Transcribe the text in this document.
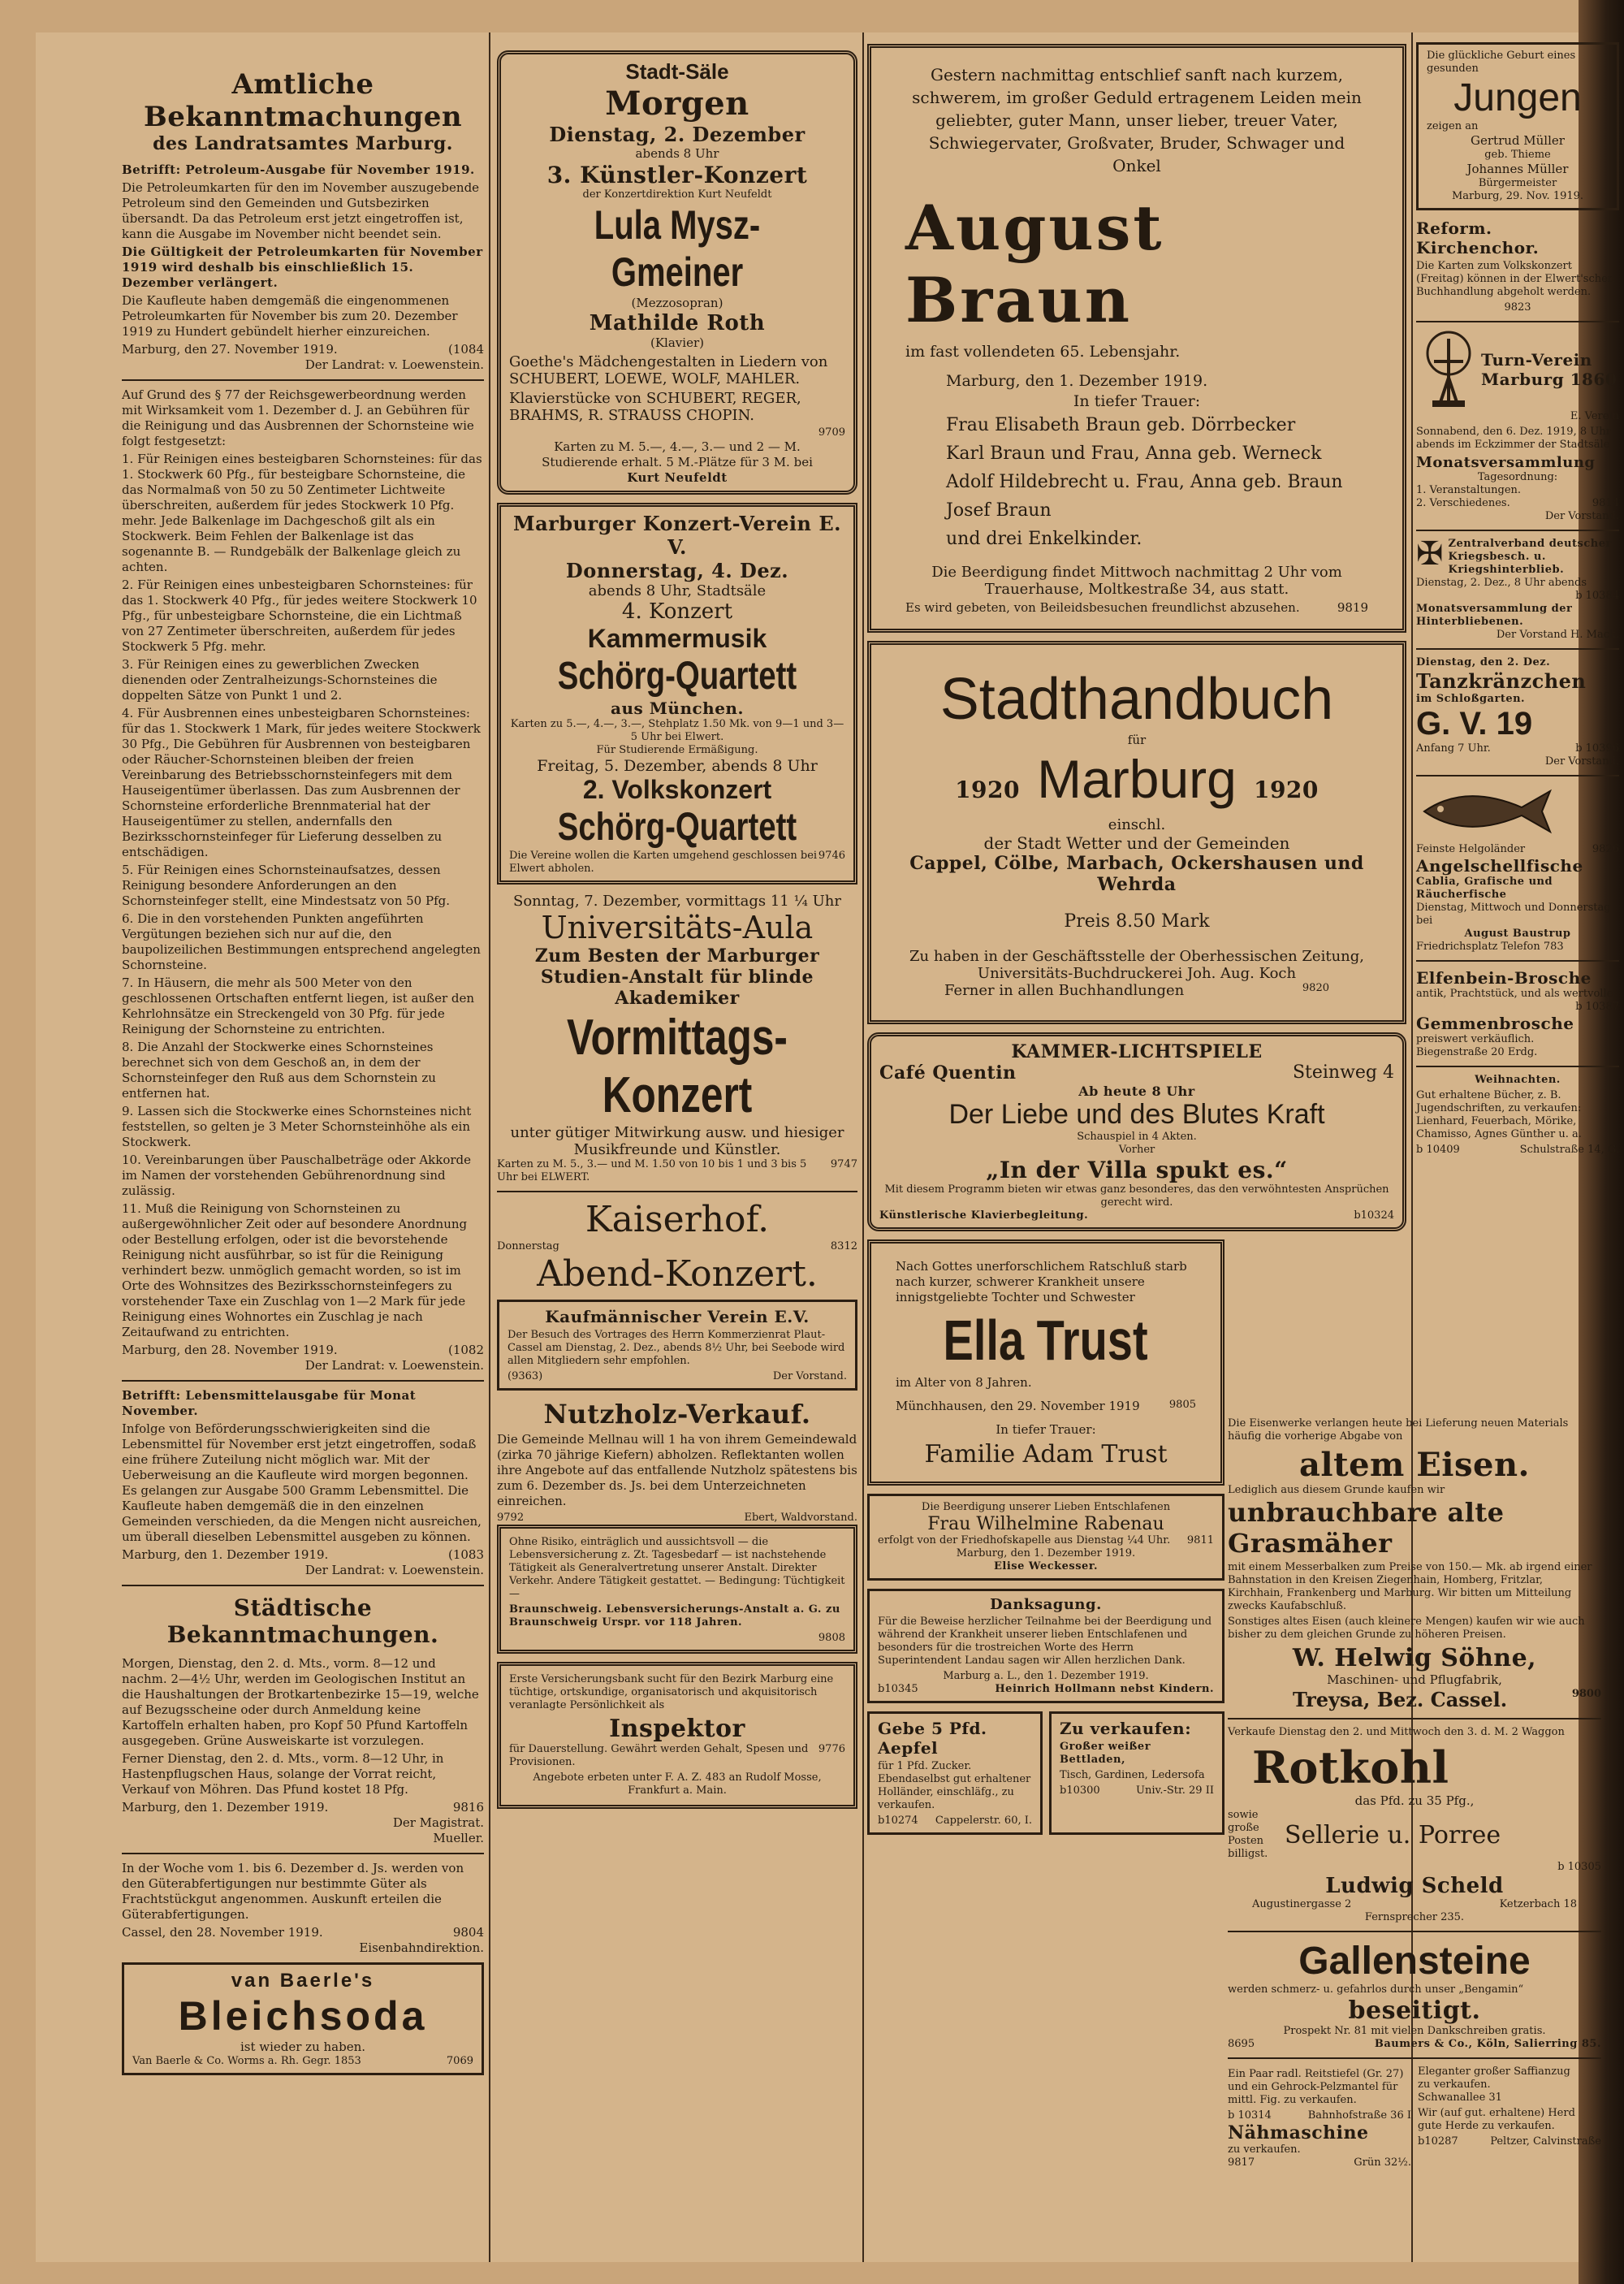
Amtliche Bekanntmachungen
des Landratsamtes Marburg.

Betrifft: Petroleum-Ausgabe für November 1919.

Die Petroleumkarten für den im November auszugebende Petroleum sind den Gemeinden und Gutsbezirken übersandt. Da das Petroleum erst jetzt eingetroffen ist, kann die Ausgabe im November nicht beendet sein.

Die Gültigkeit der Petroleumkarten für November 1919 wird deshalb bis einschließlich 15. Dezember verlängert.

Die Kaufleute haben demgemäß die eingenommenen Petroleumkarten für November bis zum 20. Dezember 1919 zu Hundert gebündelt hierher einzureichen.

Marburg, den 27. November 1919.	(1084
Der Landrat: v. Loewenstein.

Auf Grund des § 77 der Reichsgewerbeordnung werden mit Wirksamkeit vom 1. Dezember d. J. an Gebühren für die Reinigung und das Ausbrennen der Schornsteine wie folgt festgesetzt:

1. Für Reinigen eines besteigbaren Schornsteines: für das 1. Stockwerk 60 Pfg., für besteigbare Schornsteine, die das Normalmaß von 50 zu 50 Zentimeter Lichtweite überschreiten, außerdem für jedes Stockwerk 10 Pfg. mehr. Jede Balkenlage im Dachgeschoß gilt als ein Stockwerk. Beim Fehlen der Balkenlage ist das sogenannte B. — Rundgebälk der Balkenlage gleich zu achten.

2. Für Reinigen eines unbesteigbaren Schornsteines: für das 1. Stockwerk 40 Pfg., für jedes weitere Stockwerk 10 Pfg., für unbesteigbare Schornsteine, die ein Lichtmaß von 27 Zentimeter überschreiten, außerdem für jedes Stockwerk 5 Pfg. mehr.

3. Für Reinigen eines zu gewerblichen Zwecken dienenden oder Zentralheizungs-Schornsteines die doppelten Sätze von Punkt 1 und 2.

4. Für Ausbrennen eines unbesteigbaren Schornsteines: für das 1. Stockwerk 1 Mark, für jedes weitere Stockwerk 30 Pfg., Die Gebühren für Ausbrennen von besteigbaren oder Räucher-Schornsteinen bleiben der freien Vereinbarung des Betriebsschornsteinfegers mit dem Hauseigentümer überlassen. Das zum Ausbrennen der Schornsteine erforderliche Brennmaterial hat der Hauseigentümer zu stellen, andernfalls den Bezirksschornsteinfeger für Lieferung desselben zu entschädigen.

5. Für Reinigen eines Schornsteinaufsatzes, dessen Reinigung besondere Anforderungen an den Schornsteinfeger stellt, eine Mindestsatz von 50 Pfg.

6. Die in den vorstehenden Punkten angeführten Vergütungen beziehen sich nur auf die, den baupolizeilichen Bestimmungen entsprechend angelegten Schornsteine.

7. In Häusern, die mehr als 500 Meter von den geschlossenen Ortschaften entfernt liegen, ist außer den Kehrlohnsätze ein Streckengeld von 30 Pfg. für jede Reinigung der Schornsteine zu entrichten.

8. Die Anzahl der Stockwerke eines Schornsteines berechnet sich von dem Geschoß an, in dem der Schornsteinfeger den Ruß aus dem Schornstein zu entfernen hat.

9. Lassen sich die Stockwerke eines Schornsteines nicht feststellen, so gelten je 3 Meter Schornsteinhöhe als ein Stockwerk.

10. Vereinbarungen über Pauschalbeträge oder Akkorde im Namen der vorstehenden Gebührenordnung sind zulässig.

11. Muß die Reinigung von Schornsteinen zu außergewöhnlicher Zeit oder auf besondere Anordnung oder Bestellung erfolgen, oder ist die bevorstehende Reinigung nicht ausführbar, so ist für die Reinigung verhindert bezw. unmöglich gemacht worden, so ist im Orte des Wohnsitzes des Bezirksschornsteinfegers zu vorstehender Taxe ein Zuschlag von 1—2 Mark für jede Reinigung eines Wohnortes ein Zuschlag je nach Zeitaufwand zu entrichten.

Marburg, den 28. November 1919.	(1082
Der Landrat: v. Loewenstein.

Betrifft: Lebensmittelausgabe für Monat November.

Infolge von Beförderungsschwierigkeiten sind die Lebensmittel für November erst jetzt eingetroffen, sodaß eine frühere Zuteilung nicht möglich war. Mit der Ueberweisung an die Kaufleute wird morgen begonnen. Es gelangen zur Ausgabe 500 Gramm Lebensmittel. Die Kaufleute haben demgemäß die in den einzelnen Gemeinden verschieden, da die Mengen nicht ausreichen, um überall dieselben Lebensmittel ausgeben zu können.

Marburg, den 1. Dezember 1919.	(1083
Der Landrat: v. Loewenstein.
Städtische Bekanntmachungen.

Morgen, Dienstag, den 2. d. Mts., vorm. 8—12 und nachm. 2—4½ Uhr, werden im Geologischen Institut an die Haushaltungen der Brotkartenbezirke 15—19, welche auf Bezugsscheine oder durch Anmeldung keine Kartoffeln erhalten haben, pro Kopf 50 Pfund Kartoffeln ausgegeben. Grüne Ausweiskarte ist vorzulegen.

Ferner Dienstag, den 2. d. Mts., vorm. 8—12 Uhr, in Hastenpflugschen Haus, solange der Vorrat reicht, Verkauf von Möhren. Das Pfund kostet 18 Pfg.

Marburg, den 1. Dezember 1919.	9816
Der Magistrat.
Mueller.

In der Woche vom 1. bis 6. Dezember d. Js. werden von den Güterabfertigungen nur bestimmte Güter als Frachtstückgut angenommen. Auskunft erteilen die Güterabfertigungen.

Cassel, den 28. November 1919.	9804
Eisenbahndirektion.
van Baerle's
Bleichsoda
ist wieder zu haben.
Van Baerle & Co. Worms a. Rh. Gegr. 1853	7069
Stadt-Säle
Morgen
Dienstag, 2. Dezember
abends 8 Uhr
3. Künstler-Konzert
der Konzertdirektion Kurt Neufeldt
Lula Mysz-Gmeiner
(Mezzosopran)
Mathilde Roth
(Klavier)

Goethe's Mädchengestalten in Liedern von SCHUBERT, LOEWE, WOLF, MAHLER.

Klavierstücke von SCHUBERT, REGER, BRAHMS, R. STRAUSS CHOPIN.

9709
Karten zu M. 5.—, 4.—, 3.— und 2 — M.
Studierende erhalt. 5 M.-Plätze für 3 M. bei
Kurt Neufeldt
Marburger Konzert-Verein E. V.
Donnerstag, 4. Dez.
abends 8 Uhr, Stadtsäle
4. Konzert
Kammermusik
Schörg-Quartett
aus München.
Karten zu 5.—, 4.—, 3.—, Stehplatz 1.50 Mk. von 9—1 und 3—5 Uhr bei Elwert.
Für Studierende Ermäßigung.
Freitag, 5. Dezember, abends 8 Uhr
2. Volkskonzert
Schörg-Quartett
Die Vereine wollen die Karten umgehend geschlossen bei Elwert abholen.
9746
Sonntag, 7. Dezember, vormittags 11 ¼ Uhr
Universitäts-Aula
Zum Besten der Marburger Studien-Anstalt für blinde Akademiker
Vormittags-Konzert
unter gütiger Mitwirkung ausw. und hiesiger Musikfreunde und Künstler.
Karten zu M. 5., 3.— und M. 1.50 von 10 bis 1 und 3 bis 5 Uhr bei ELWERT.
9747
Kaiserhof.
Donnerstag	8312
Abend-Konzert.
Kaufmännischer Verein E.V.

Der Besuch des Vortrages des Herrn Kommerzienrat Plaut-Cassel am Dienstag, 2. Dez., abends 8½ Uhr, bei Seebode wird allen Mitgliedern sehr empfohlen.

(9363)	Der Vorstand.
Nutzholz-Verkauf.

Die Gemeinde Mellnau will 1 ha von ihrem Gemeindewald (zirka 70 jährige Kiefern) abholzen. Reflektanten wollen ihre Angebote auf das entfallende Nutzholz spätestens bis zum 6. Dezember ds. Js. bei dem Unterzeichneten einreichen.

9792	Ebert, Waldvorstand.

Ohne Risiko, einträglich und aussichtsvoll — die Lebensversicherung z. Zt. Tagesbedarf — ist nachstehende Tätigkeit als Generalvertretung unserer Anstalt. Direkter Verkehr. Andere Tätigkeit gestattet. — Bedingung: Tüchtigkeit —

Braunschweig. Lebensversicherungs-Anstalt a. G. zu Braunschweig Urspr. vor 118 Jahren.

9808

Erste Versicherungsbank sucht für den Bezirk Marburg eine tüchtige, ortskundige, organisatorisch und akquisitorisch veranlagte Persönlichkeit als

Inspektor
für Dauerstellung. Gewährt werden Gehalt, Spesen und Provisionen.
9776

Angebote erbeten unter F. A. Z. 483 an Rudolf Mosse, Frankfurt a. Main.

Gestern nachmittag entschlief sanft nach kurzem, schwerem, im großer Geduld ertragenem Leiden mein geliebter, guter Mann, unser lieber, treuer Vater, Schwiegervater, Großvater, Bruder, Schwager und Onkel

August Braun

im fast vollendeten 65. Lebensjahr.

Marburg, den 1. Dezember 1919.

In tiefer Trauer:

Frau Elisabeth Braun geb. Dörrbecker

Karl Braun und Frau, Anna geb. Werneck

Adolf Hildebrecht u. Frau, Anna geb. Braun

Josef Braun

und drei Enkelkinder.

Die Beerdigung findet Mittwoch nachmittag 2 Uhr vom Trauerhause, Moltkestraße 34, aus statt.

Es wird gebeten, von Beileidsbesuchen freundlichst abzusehen.	9819
Stadthandbuch
für
1920 Marburg 1920
einschl.
der Stadt Wetter und der Gemeinden
Cappel, Cölbe, Marbach, Ockershausen und Wehrda
Preis 8.50 Mark
Zu haben in der Geschäftsstelle der Oberhessischen Zeitung, Universitäts-Buchdruckerei Joh. Aug. Koch
Ferner in allen Buchhandlungen	9820
KAMMER-LICHTSPIELE
Café Quentin	Steinweg 4
Ab heute 8 Uhr
Der Liebe und des Blutes Kraft
Schauspiel in 4 Akten.
Vorher
„In der Villa spukt es.“
Mit diesem Programm bieten wir etwas ganz besonderes, das den verwöhntesten Ansprüchen gerecht wird.
Künstlerische Klavierbegleitung.	b10324

Nach Gottes unerforschlichem Ratschluß starb nach kurzer, schwerer Krankheit unsere innigstgeliebte Tochter und Schwester

Ella Trust

im Alter von 8 Jahren.

Münchhausen, den 29. November 1919	9805

In tiefer Trauer:

Familie Adam Trust
Die Beerdigung unserer Lieben Entschlafenen
Frau Wilhelmine Rabenau
erfolgt von der Friedhofskapelle aus Dienstag ¼4 Uhr. 9811
Marburg, den 1. Dezember 1919.
Elise Weckesser.
Danksagung.

Für die Beweise herzlicher Teilnahme bei der Beerdigung und während der Krankheit unserer lieben Entschlafenen und besonders für die trostreichen Worte des Herrn Superintendent Landau sagen wir Allen herzlichen Dank.

Marburg a. L., den 1. Dezember 1919.
b10345	Heinrich Hollmann nebst Kindern.
Gebe 5 Pfd. Aepfel

für 1 Pfd. Zucker. Ebendaselbst gut erhaltener Holländer, einschläfg., zu verkaufen.

b10274 Cappelerstr. 60, I.
Zu verkaufen:

Großer weißer Bettladen,

Tisch, Gardinen, Ledersofa

b10300	Univ.-Str. 29 II
Die glückliche Geburt eines gesunden
Jungen
zeigen an
Gertrud Müller
geb. Thieme
Johannes Müller
Bürgermeister
Marburg, 29. Nov. 1919.
Reform. Kirchenchor.

Die Karten zum Volkskonzert (Freitag) können in der Elwert'schen Buchhandlung abgeholt werden.

9823
Turn-Verein Marburg 1860
E. Verein

Sonnabend, den 6. Dez. 1919, 8 Uhr abends im Eckzimmer der Stadtsäle

Monatsversammlung
Tagesordnung:
1. Veranstaltungen.
2. Verschiedenes.	9814
Der Vorstand.
✠ Zentralverband deutscher Kriegsbesch. u. Kriegshinterblieb.
Dienstag, 2. Dez., 8 Uhr abends
b 10384
Monatsversammlung der Hinterbliebenen.
Der Vorstand H. Mack.
Dienstag, den 2. Dez.
Tanzkränzchen
im Schloßgarten.
G. V. 19
Anfang 7 Uhr.	b 10396
Der Vorstand.
Feinste Helgoländer	9826
Angelschellfische
Cablia, Grafische und Räucherfische
Dienstag, Mittwoch und Donnerstag bei
August Baustrup
Friedrichsplatz Telefon 783
Elfenbein-Brosche
antik, Prachtstück, und als wertvolle
b 10387
Gemmenbrosche
preiswert verkäuflich.
Biegenstraße 20 Erdg.
Weihnachten.

Gut erhaltene Bücher, z. B. Jugendschriften, zu verkaufen: Lienhard, Feuerbach, Mörike, Chamisso, Agnes Günther u. a.

b 10409	Schulstraße 14, G.

Die Eisenwerke verlangen heute bei Lieferung neuen Materials häufig die vorherige Abgabe von

altem Eisen.
Lediglich aus diesem Grunde kaufen wir
unbrauchbare alte Grasmäher

mit einem Messerbalken zum Preise von 150.— Mk. ab irgend einer Bahnstation in den Kreisen Ziegenhain, Homberg, Fritzlar, Kirchhain, Frankenberg und Marburg. Wir bitten um Mitteilung zwecks Kaufabschluß.

Sonstiges altes Eisen (auch kleinere Mengen) kaufen wir wie auch bisher zu dem gleichen Grunde zu höheren Preisen.

W. Helwig Söhne,
Maschinen- und Pflugfabrik,
Treysa, Bez. Cassel.	9800

Verkaufe Dienstag den 2. und Mittwoch den 3. d. M. 2 Waggon

Rotkohl
das Pfd. zu 35 Pfg.,
sowie große Posten billigst.
Sellerie u. Porree
b 10305
Ludwig Scheld
Augustinergasse 2	Ketzerbach 18
Fernsprecher 235.
Gallensteine
werden schmerz- u. gefahrlos durch unser „Bengamin“
beseitigt.
Prospekt Nr. 81 mit vielen Dankschreiben gratis.
8695	Baumers & Co., Köln, Salierring 85.

Ein Paar radl. Reitstiefel (Gr. 27) und ein Gehrock-Pelzmantel für mittl. Fig. zu verkaufen.

b 10314	Bahnhofstraße 36 I
Nähmaschine
zu verkaufen.
9817	Grün 32½.
Eleganter großer Saffianzug
zu verkaufen.
Schwanallee 31

Wir (auf gut. erhaltene) Herd gute Herde zu verkaufen.

b10287	Peltzer, Calvinstraße
